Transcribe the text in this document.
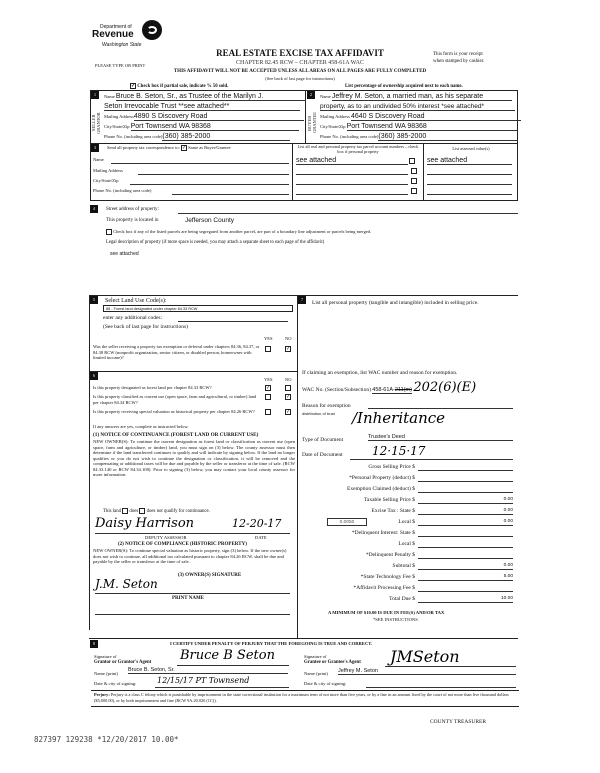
Department of
Revenue
Washington State
PLEASE TYPE OR PRINT
REAL ESTATE EXCISE TAX AFFIDAVIT
CHAPTER 82.45 RCW – CHAPTER 458-61A WAC
This form is your receipt
when stamped by cashier.
THIS AFFIDAVIT WILL NOT BE ACCEPTED UNLESS ALL AREAS ON ALL PAGES ARE FULLY COMPLETED
(See back of last page for instructions)
✓ Check box if partial sale, indicate % 50 sold.	List percentage of ownership acquired next to each name.
1
SELLER GRANTOR
Name Bruce B. Seton, Sr., as Trustee of the Marilyn J.
Seton Irrevocable Trust **see attached**
Mailing Address4890 S Discovery Road
City/State/Zip Port Townsend WA 98368
Phone No. (including area code)(360) 385-2000
2
BUYER GRANTEE
Name Jeffrey M. Seton, a married man, as his separate
property, as to an undivided 50% interest *see attached*
Mailing Address 4640 S Discovery Road
City/State/Zip Port Townsend WA 98368
Phone No. (including area code)(360) 385-2000
3	Send all property tax correspondence to: ✓ Same as Buyer/Grantee
Name
Mailing Address
City/State/Zip
Phone No. (including area code)
List all real and personal property tax parcel account numbers – check box if personal property
List assessed value(s)
see attached	see attached
4	Street address of property:
This property is located in	Jefferson County
Check box if any of the listed parcels are being segregated from another parcel, are part of a boundary line adjustment or parcels being merged.
Legal description of property (if more space is needed, you may attach a separate sheet to each page of the affidavit)
see attached
5	Select Land Use Code(s):
88 - Forest land designated under chapter 84.33 RCW
enter any additional codes:
(See back of last page for instructions)
YES	NO
Was the seller receiving a property tax exemption or deferral under chapters 84.36, 84.37, or 84.38 RCW (nonprofit organization, senior citizen, or disabled person, homeowner with limited income)?
✓
6
YES	NO
Is this property designated as forest land per chapter 84.33 RCW?	✓
Is this property classified as current use (open space, farm and agricultural, or timber) land per chapter 84.34 RCW?
✓
Is this property receiving special valuation as historical property per chapter 84.26 RCW?	✓
If any answers are yes, complete as instructed below.
(1) NOTICE OF CONTINUANCE (FOREST LAND OR CURRENT USE)
NEW OWNER(S): To continue the current designation as forest land or classification as current use (open space, farm and agriculture, or timber) land, you must sign on (3) below. The county assessor must then determine if the land transferred continues to qualify and will indicate by signing below. If the land no longer qualifies or you do not wish to continue the designation or classification, it will be removed and the compensating or additional taxes will be due and payable by the seller or transferor at the time of sale. (RCW 84.33.140 or RCW 84.34.108). Prior to signing (3) below, you may contact your local county assessor for more information.
This land does does not qualify for continuance.
Daisy Harrison	12-20-17
DEPUTY ASSESSOR	DATE
(2) NOTICE OF COMPLIANCE (HISTORIC PROPERTY)
NEW OWNER(S): To continue special valuation as historic property, sign (3) below. If the new owner(s) does not wish to continue, all additional tax calculated pursuant to chapter 84.26 RCW, shall be due and payable by the seller or transferor at the time of sale.
(3) OWNER(S) SIGNATURE
J.M. Seton
PRINT NAME
7
List all personal property (tangible and intangible) included in selling price.
If claiming an exemption, list WAC number and reason for exemption.
WAC No. (Section/Subsection) 458-61A-211(m) 202(6)(E)
Reason for exemption
distribution of trust /Inheritance
Type of Document	Trustee's Deed
Date of Document 12·15·17
Gross Selling Price $
*Personal Property (deduct) $
Exemption Claimed (deduct) $
Taxable Selling Price $	0.00
Excise Tax : State $	0.00
Local $	0.00
0.0050
*Delinquent Interest: State $
Local $
*Delinquent Penalty $
Subtotal $	0.00
*State Technology Fee $	5.00
*Affidavit Processing Fee $
Total Due $	10.00
A MINIMUM OF $10.00 IS DUE IN FEE(S) AND/OR TAX
*SEE INSTRUCTIONS
8	I CERTIFY UNDER PENALTY OF PERJURY THAT THE FOREGOING IS TRUE AND CORRECT.
Signature of
Grantor or Grantor's Agent Bruce B Seton
Name (print)
Bruce B. Seton, Sr.
Date & city of signing:	12/15/17 PT Townsend
Signature of
Grantee or Grantee's Agent JMSeton
Name (print) Jeffrey M. Seton
Date & city of signing:
Perjury: Perjury is a class C felony which is punishable by imprisonment in the state correctional institution for a maximum term of not more than five years, or by a fine in an amount fixed by the court of not more than five thousand dollars ($5,000.00), or by both imprisonment and fine (RCW 9A.20.020 (1C)).
COUNTY TREASURER
827397 129238 *12/20/2017 10.00*
